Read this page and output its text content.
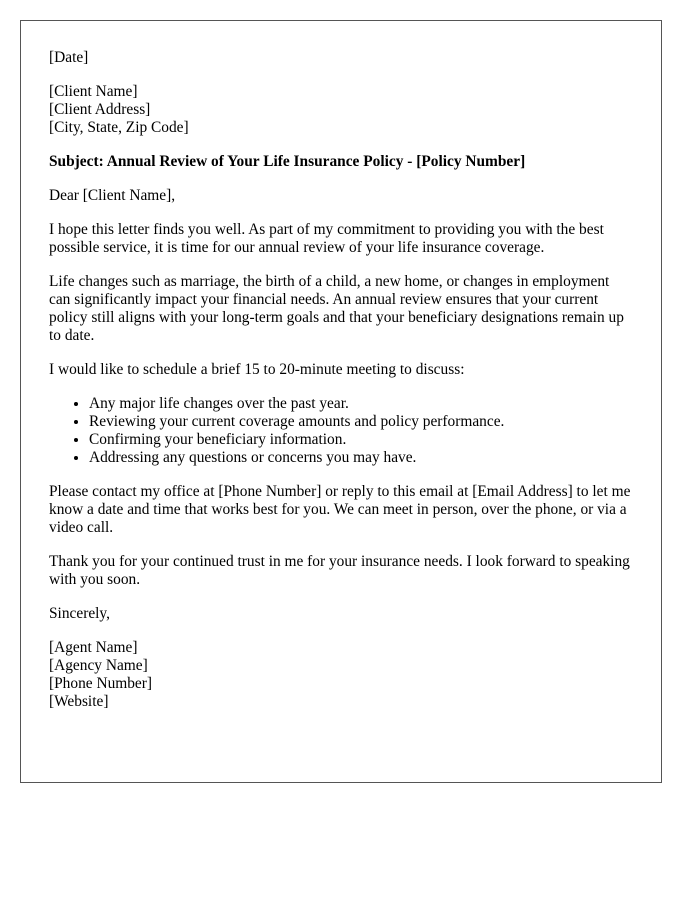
[Date]

[Client Name]
[Client Address]
[City, State, Zip Code]

Subject: Annual Review of Your Life Insurance Policy - [Policy Number]

Dear [Client Name],

I hope this letter finds you well. As part of my commitment to providing you with the best possible service, it is time for our annual review of your life insurance coverage.

Life changes such as marriage, the birth of a child, a new home, or changes in employment can significantly impact your financial needs. An annual review ensures that your current policy still aligns with your long-term goals and that your beneficiary designations remain up to date.

I would like to schedule a brief 15 to 20-minute meeting to discuss:

• Any major life changes over the past year.
• Reviewing your current coverage amounts and policy performance.
• Confirming your beneficiary information.
• Addressing any questions or concerns you may have.

Please contact my office at [Phone Number] or reply to this email at [Email Address] to let me know a date and time that works best for you. We can meet in person, over the phone, or via a video call.

Thank you for your continued trust in me for your insurance needs. I look forward to speaking with you soon.

Sincerely,

[Agent Name]
[Agency Name]
[Phone Number]
[Website]
